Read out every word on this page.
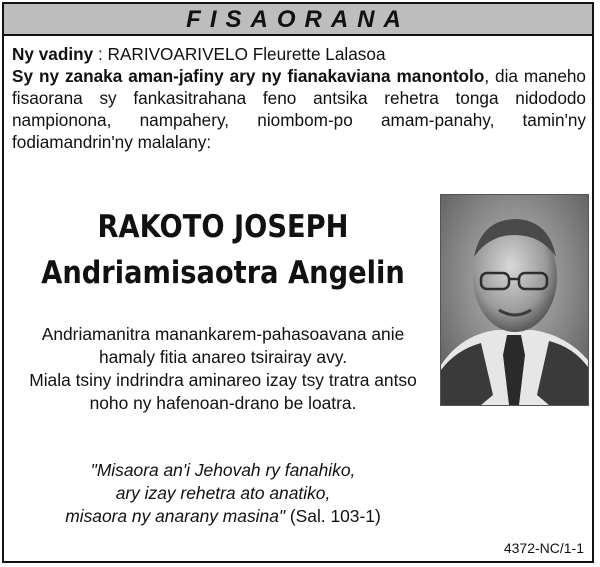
FISAORANA
Ny vadiny : RARIVOARIVELO Fleurette Lalasoa
Sy ny zanaka aman-jafiny ary ny fianakaviana manontolo, dia maneho fisaorana sy fankasitrahana feno antsika rehetra tonga nidododo nampionona, nampahery, niombom-po amam-panahy, tamin'ny fodiamandrin'ny malalany:
RAKOTO JOSEPH
Andriamisaotra Angelin
Andriamanitra manankarem-pahasoavana anie
hamaly fitia anareo tsirairay avy.
Miala tsiny indrindra aminareo izay tsy tratra antso
noho ny hafenoan-drano be loatra.
"Misaora an'i Jehovah ry fanahiko,
ary izay rehetra ato anatiko,
misaora ny anarany masina" (Sal. 103-1)
4372-NC/1-1
